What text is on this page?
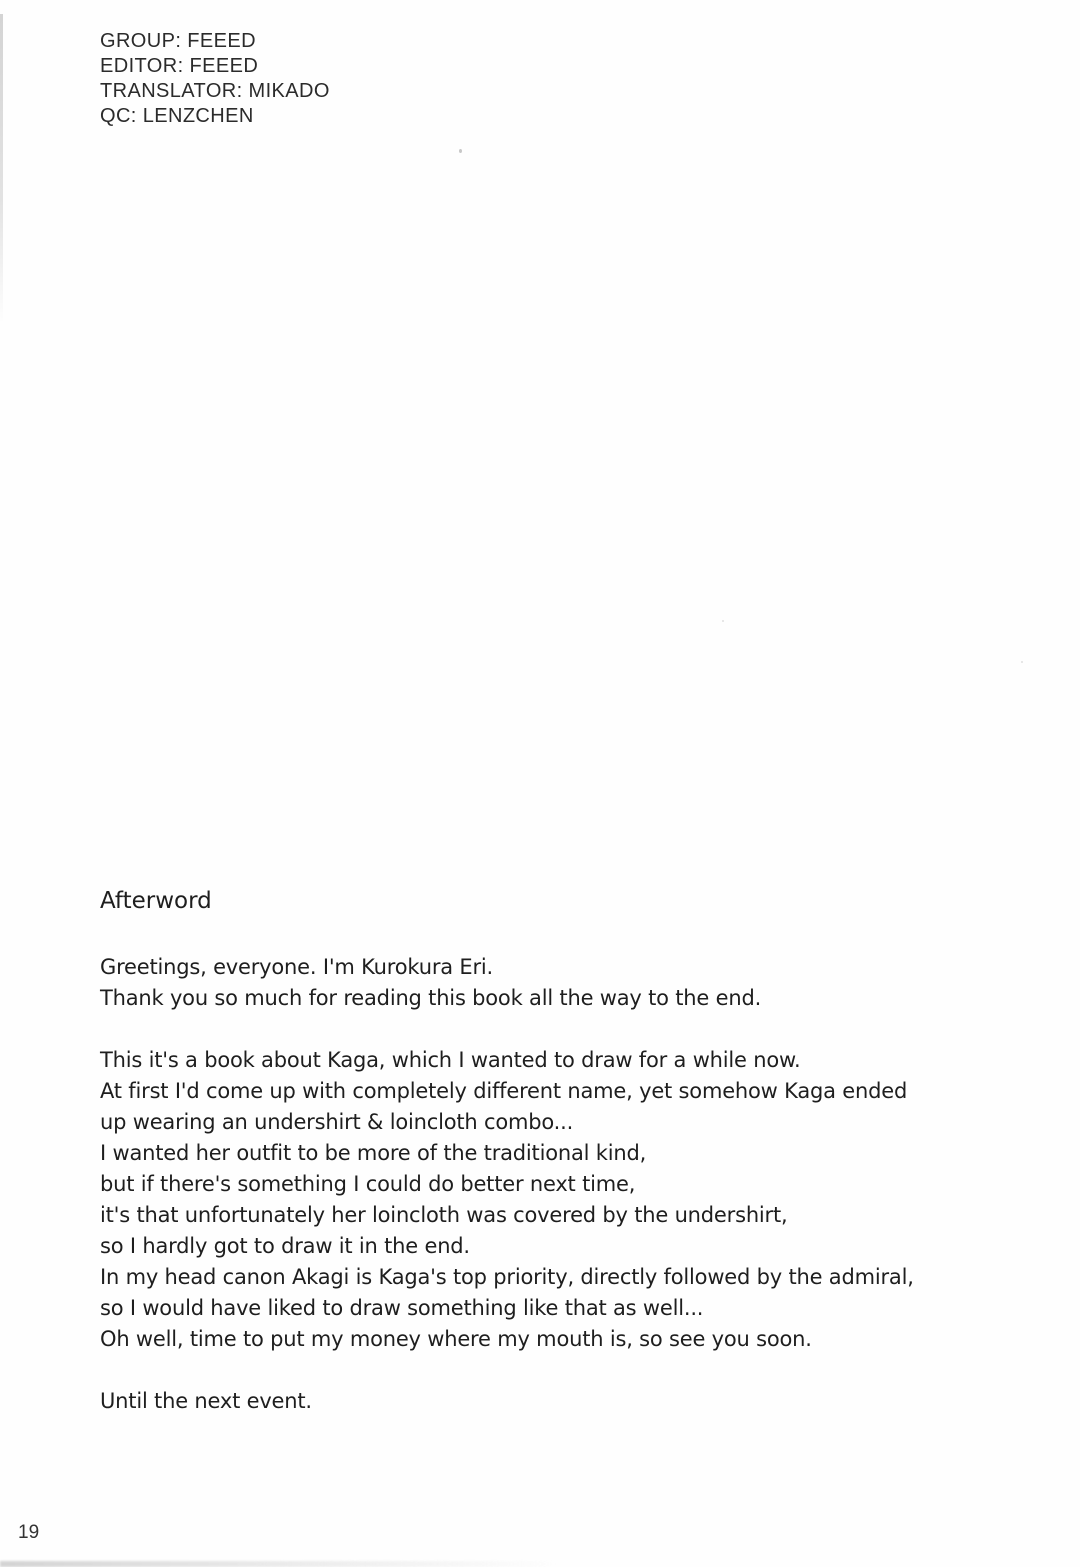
GROUP: FEEED
EDITOR: FEEED
TRANSLATOR: MIKADO
QC: LENZCHEN
Afterword
Greetings, everyone. I'm Kurokura Eri.
Thank you so much for reading this book all the way to the end.
This it's a book about Kaga, which I wanted to draw for a while now.
At first I'd come up with completely different name, yet somehow Kaga ended
up wearing an undershirt & loincloth combo...
I wanted her outfit to be more of the traditional kind,
but if there's something I could do better next time,
it's that unfortunately her loincloth was covered by the undershirt,
so I hardly got to draw it in the end.
In my head canon Akagi is Kaga's top priority, directly followed by the admiral,
so I would have liked to draw something like that as well...
Oh well, time to put my money where my mouth is, so see you soon.
Until the next event.
19
